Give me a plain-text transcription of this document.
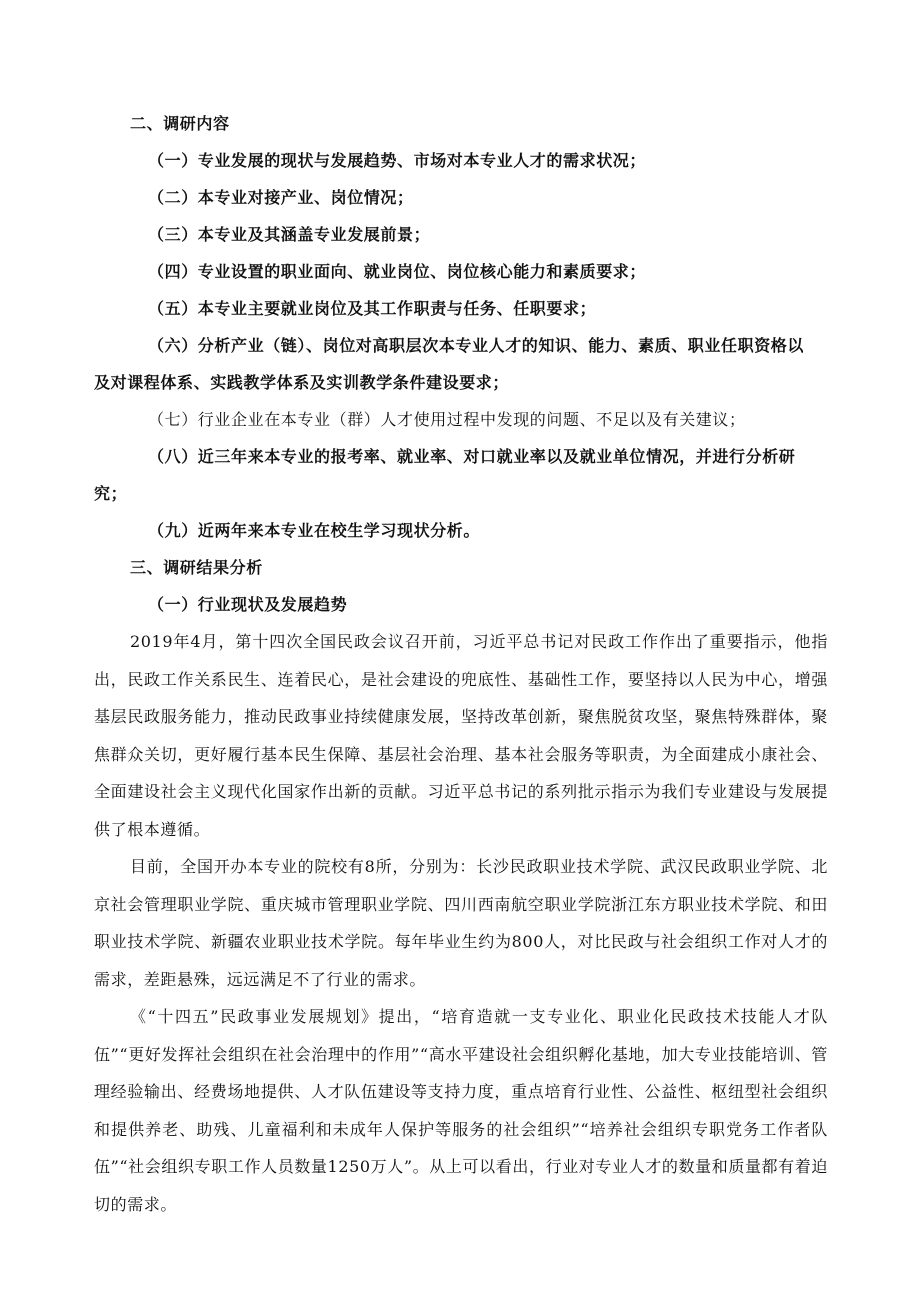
二、调研内容

（一）专业发展的现状与发展趋势、市场对本专业人才的需求状况；

（二）本专业对接产业、岗位情况；

（三）本专业及其涵盖专业发展前景；

（四）专业设置的职业面向、就业岗位、岗位核心能力和素质要求；

（五）本专业主要就业岗位及其工作职责与任务、任职要求；

（六）分析产业（链）、岗位对高职层次本专业人才的知识、能力、素质、职业任职资格以

及对课程体系、实践教学体系及实训教学条件建设要求；

（七）行业企业在本专业（群）人才使用过程中发现的问题、不足以及有关建议；

（八）近三年来本专业的报考率、就业率、对口就业率以及就业单位情况，并进行分析研

究；

（九）近两年来本专业在校生学习现状分析。

三、调研结果分析

（一）行业现状及发展趋势

2019年4月，第十四次全国民政会议召开前，习近平总书记对民政工作作出了重要指示，他指出，民政工作关系民生、连着民心，是社会建设的兜底性、基础性工作，要坚持以人民为中心，增强基层民政服务能力，推动民政事业持续健康发展，坚持改革创新，聚焦脱贫攻坚，聚焦特殊群体，聚焦群众关切，更好履行基本民生保障、基层社会治理、基本社会服务等职责，为全面建成小康社会、全面建设社会主义现代化国家作出新的贡献。习近平总书记的系列批示指示为我们专业建设与发展提供了根本遵循。

目前，全国开办本专业的院校有8所，分别为：长沙民政职业技术学院、武汉民政职业学院、北京社会管理职业学院、重庆城市管理职业学院、四川西南航空职业学院浙江东方职业技术学院、和田职业技术学院、新疆农业职业技术学院。每年毕业生约为800人，对比民政与社会组织工作对人才的需求，差距悬殊，远远满足不了行业的需求。

《“十四五”民政事业发展规划》提出，“培育造就一支专业化、职业化民政技术技能人才队伍”“更好发挥社会组织在社会治理中的作用”“高水平建设社会组织孵化基地，加大专业技能培训、管理经验输出、经费场地提供、人才队伍建设等支持力度，重点培育行业性、公益性、枢纽型社会组织和提供养老、助残、儿童福利和未成年人保护等服务的社会组织”“培养社会组织专职党务工作者队伍”“社会组织专职工作人员数量1250万人”。从上可以看出，行业对专业人才的数量和质量都有着迫切的需求。
